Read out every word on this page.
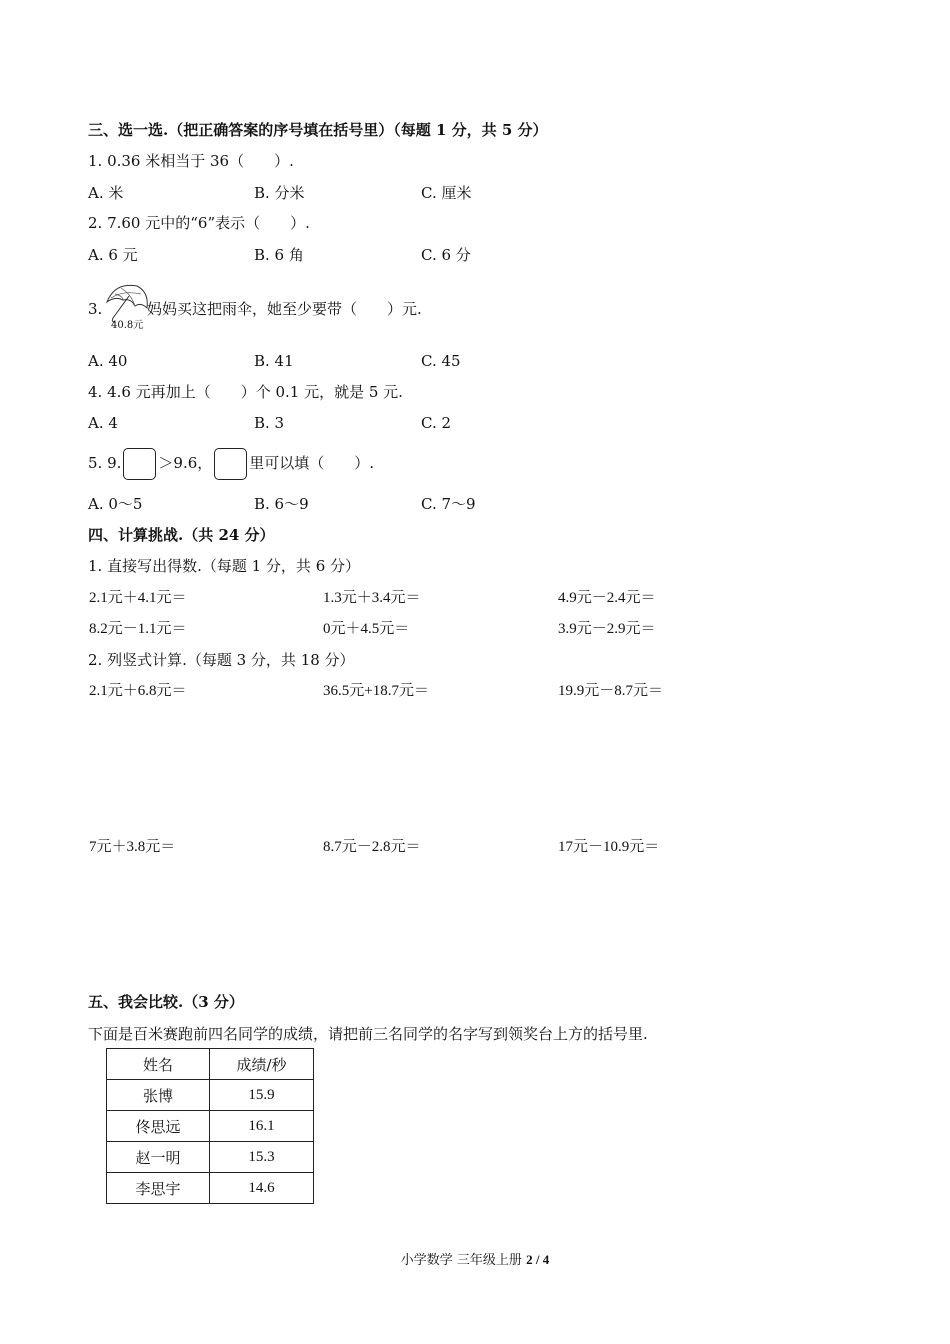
三、选一选.（把正确答案的序号填在括号里）（每题 1 分，共 5 分）
1. 0.36 米相当于 36（　　）.
A. 米	B. 分米	C. 厘米
2. 7.60 元中的“6”表示（　　）.
A. 6 元	B. 6 角	C. 6 分
3.
40.8元
妈妈买这把雨伞，她至少要带（　　）元.
A. 40	B. 41	C. 45
4. 4.6 元再加上（　　）个 0.1 元，就是 5 元.
A. 4	B. 3	C. 2
5. 9. ＞9.6， 里可以填（　　）.
A. 0～5	B. 6～9	C. 7～9
四、计算挑战.（共 24 分）
1. 直接写出得数.（每题 1 分，共 6 分）
2.1元＋4.1元＝	1.3元＋3.4元＝	4.9元－2.4元＝
8.2元－1.1元＝	0元＋4.5元＝	3.9元－2.9元＝
2. 列竖式计算.（每题 3 分，共 18 分）
2.1元＋6.8元＝	36.5元+18.7元＝	19.9元－8.7元＝
7元＋3.8元＝	8.7元－2.8元＝	17元－10.9元＝
五、我会比较.（3 分）
下面是百米赛跑前四名同学的成绩，请把前三名同学的名字写到领奖台上方的括号里.
姓名	成绩/秒
张博	15.9
佟思远	16.1
赵一明	15.3
李思宇	14.6
小学数学 三年级上册 2 / 4
